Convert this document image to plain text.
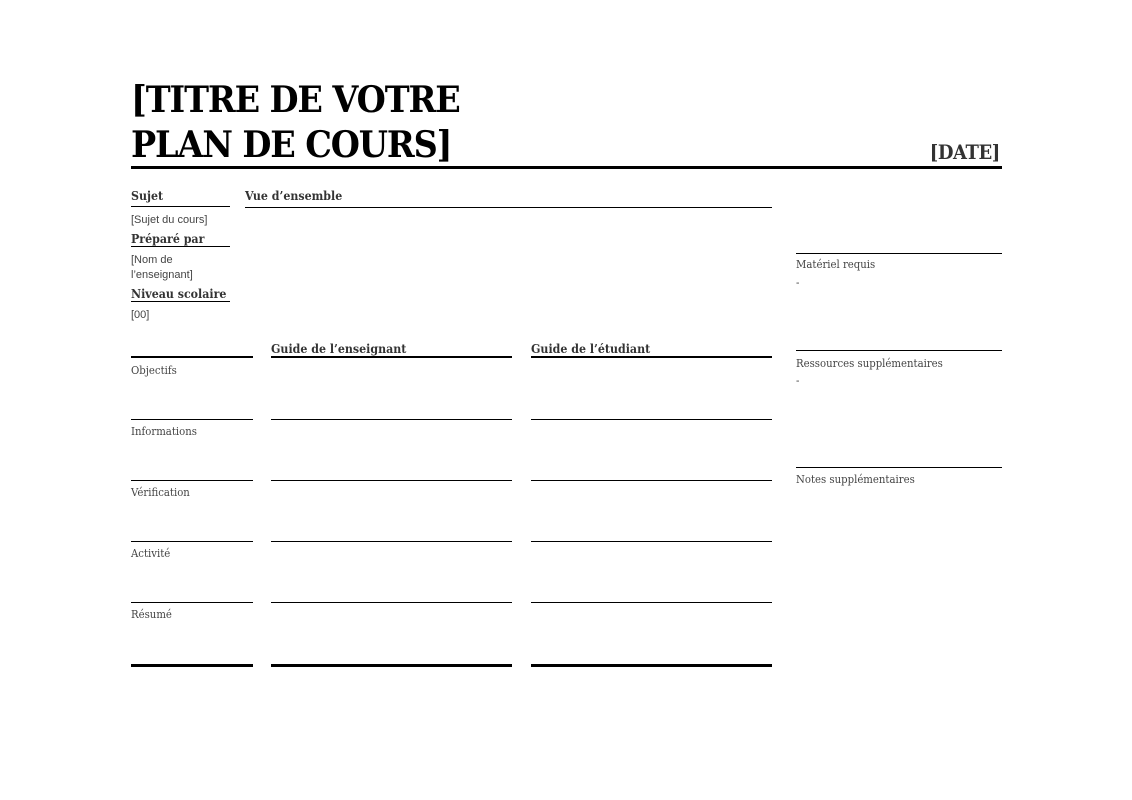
[TITRE DE VOTRE
PLAN DE COURS]	[DATE]
Sujet
[Sujet du cours]
Préparé par
[Nom de
l’enseignant]
Niveau scolaire
[00]
Vue d’ensemble
Guide de l’enseignant	Guide de l’étudiant
Objectifs
Informations
Vérification
Activité
Résumé
Matériel requis
-
Ressources supplémentaires
-
Notes supplémentaires
